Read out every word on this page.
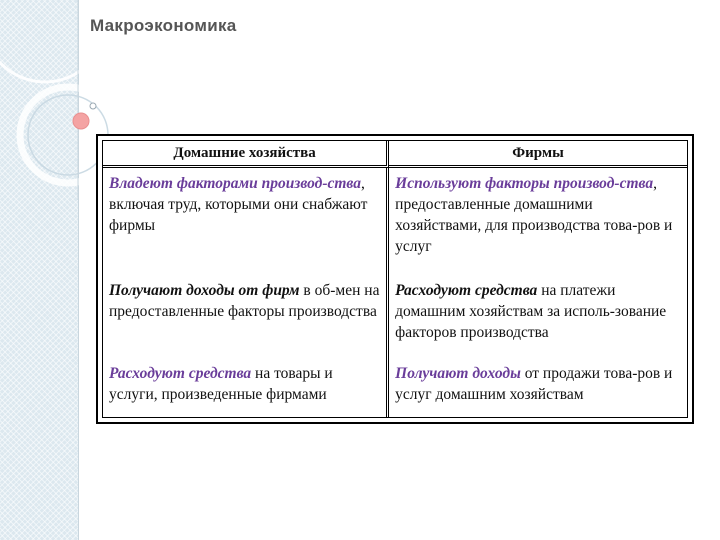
Макроэкономика
Домашние хозяйства	Фирмы
Владеют факторами производ-ства, включая труд, которыми они снабжают фирмы	Используют факторы производ-ства, предоставленные домашними хозяйствами, для производства това-ров и услуг
Получают доходы от фирм в об-мен на предоставленные факторы производства	Расходуют средства на платежи домашним хозяйствам за исполь-зование факторов производства
Расходуют средства на товары и услуги, произведенные фирмами	Получают доходы от продажи това-ров и услуг домашним хозяйствам
